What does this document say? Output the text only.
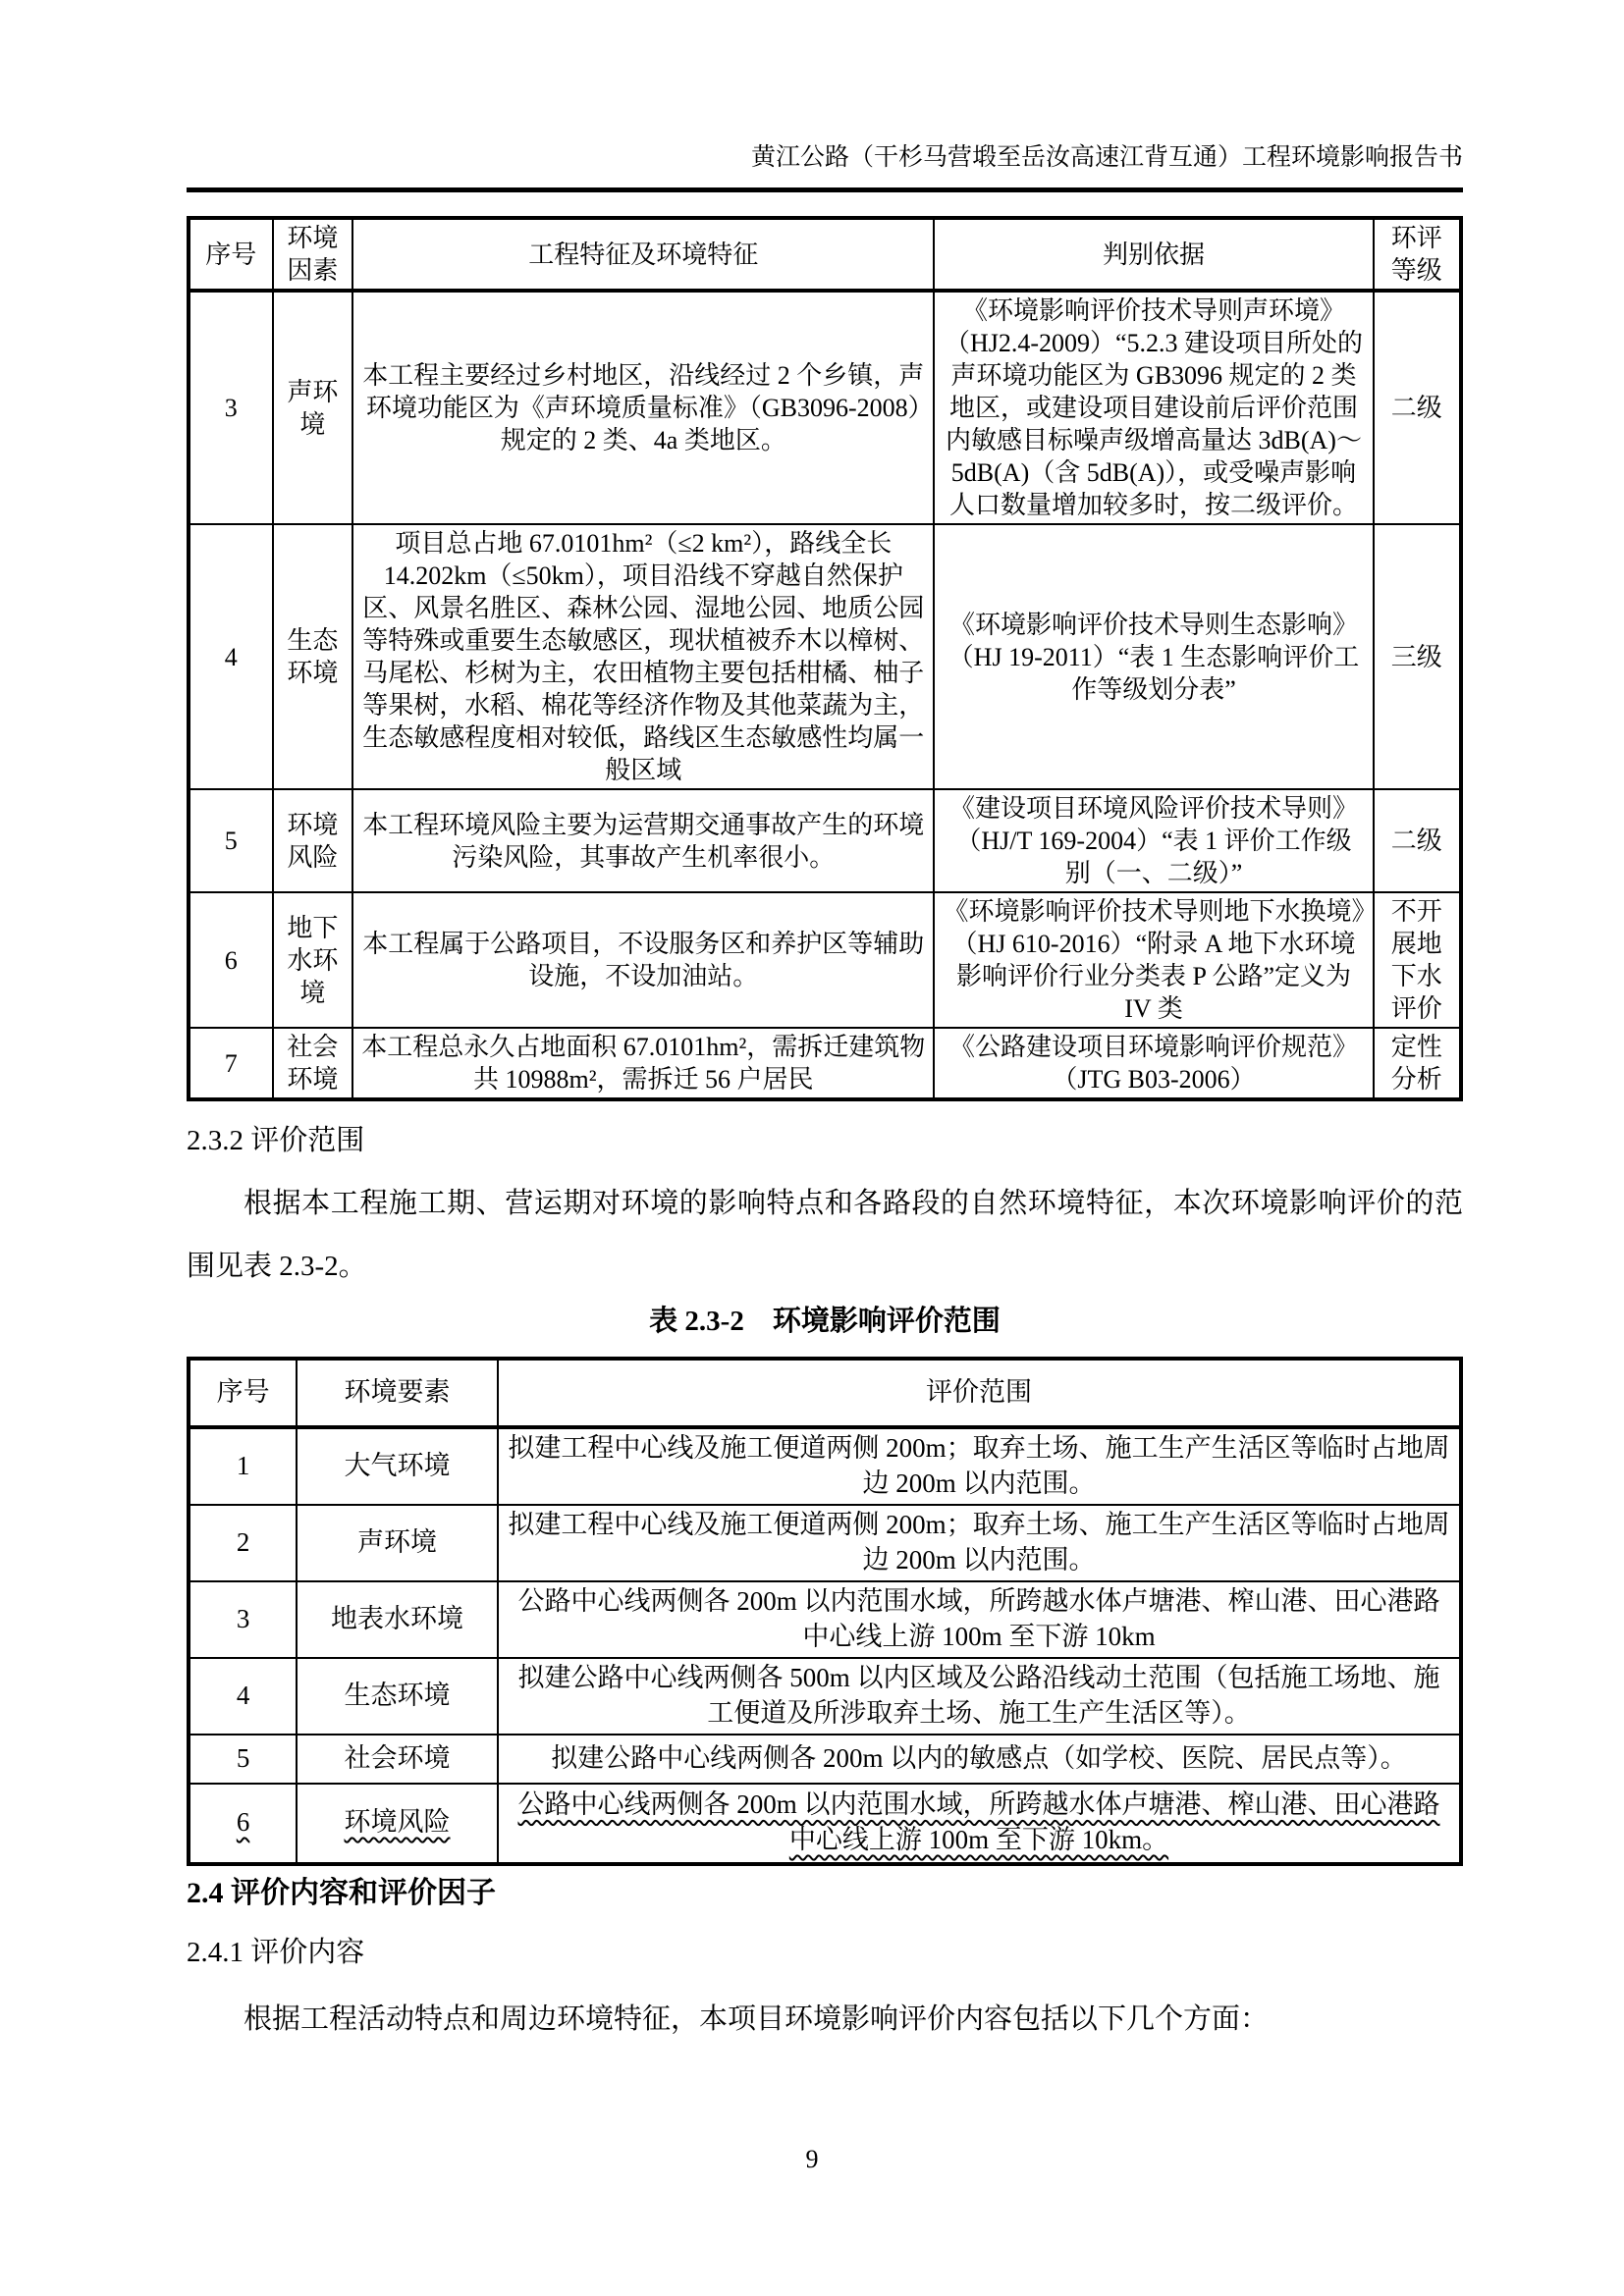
黄江公路（干杉马营塅至岳汝高速江背互通）工程环境影响报告书
序号	环境因素	工程特征及环境特征	判别依据	环评等级
3	声环境	本工程主要经过乡村地区，沿线经过 2 个乡镇，声环境功能区为《声环境质量标准》（GB3096-2008）规定的 2 类、4a 类地区。	《环境影响评价技术导则声环境》（HJ2.4-2009）“5.2.3 建设项目所处的声环境功能区为 GB3096 规定的 2 类地区，或建设项目建设前后评价范围内敏感目标噪声级增高量达 3dB(A)～5dB(A)（含 5dB(A)），或受噪声影响人口数量增加较多时，按二级评价。	二级
4	生态环境	项目总占地 67.0101hm²（≤2 km²），路线全长 14.202km（≤50km），项目沿线不穿越自然保护区、风景名胜区、森林公园、湿地公园、地质公园等特殊或重要生态敏感区，现状植被乔木以樟树、马尾松、杉树为主，农田植物主要包括柑橘、柚子等果树，水稻、棉花等经济作物及其他菜蔬为主，生态敏感程度相对较低，路线区生态敏感性均属一般区域	《环境影响评价技术导则生态影响》（HJ 19-2011）“表 1 生态影响评价工作等级划分表”	三级
5	环境风险	本工程环境风险主要为运营期交通事故产生的环境污染风险，其事故产生机率很小。	《建设项目环境风险评价技术导则》（HJ/T 169-2004）“表 1 评价工作级别（一、二级）”	二级
6	地下水环境	本工程属于公路项目，不设服务区和养护区等辅助设施，不设加油站。	《环境影响评价技术导则地下水换境》（HJ 610-2016）“附录 A 地下水环境影响评价行业分类表 P 公路”定义为 IV 类	不开展地下水评价
7	社会环境	本工程总永久占地面积 67.0101hm²，需拆迁建筑物共 10988m²，需拆迁 56 户居民	《公路建设项目环境影响评价规范》（JTG B03-2006）	定性分析
2.3.2 评价范围

根据本工程施工期、营运期对环境的影响特点和各路段的自然环境特征，本次环境影响评价的范围见表 2.3-2。

表 2.3-2　环境影响评价范围
序号	环境要素	评价范围
1	大气环境	拟建工程中心线及施工便道两侧 200m；取弃土场、施工生产生活区等临时占地周边 200m 以内范围。
2	声环境	拟建工程中心线及施工便道两侧 200m；取弃土场、施工生产生活区等临时占地周边 200m 以内范围。
3	地表水环境	公路中心线两侧各 200m 以内范围水域，所跨越水体卢塘港、榨山港、田心港路中心线上游 100m 至下游 10km
4	生态环境	拟建公路中心线两侧各 500m 以内区域及公路沿线动土范围（包括施工场地、施工便道及所涉取弃土场、施工生产生活区等）。
5	社会环境	拟建公路中心线两侧各 200m 以内的敏感点（如学校、医院、居民点等）。
6	环境风险	公路中心线两侧各 200m 以内范围水域，所跨越水体卢塘港、榨山港、田心港路中心线上游 100m 至下游 10km。
2.4 评价内容和评价因子
2.4.1 评价内容

根据工程活动特点和周边环境特征，本项目环境影响评价内容包括以下几个方面：

9
